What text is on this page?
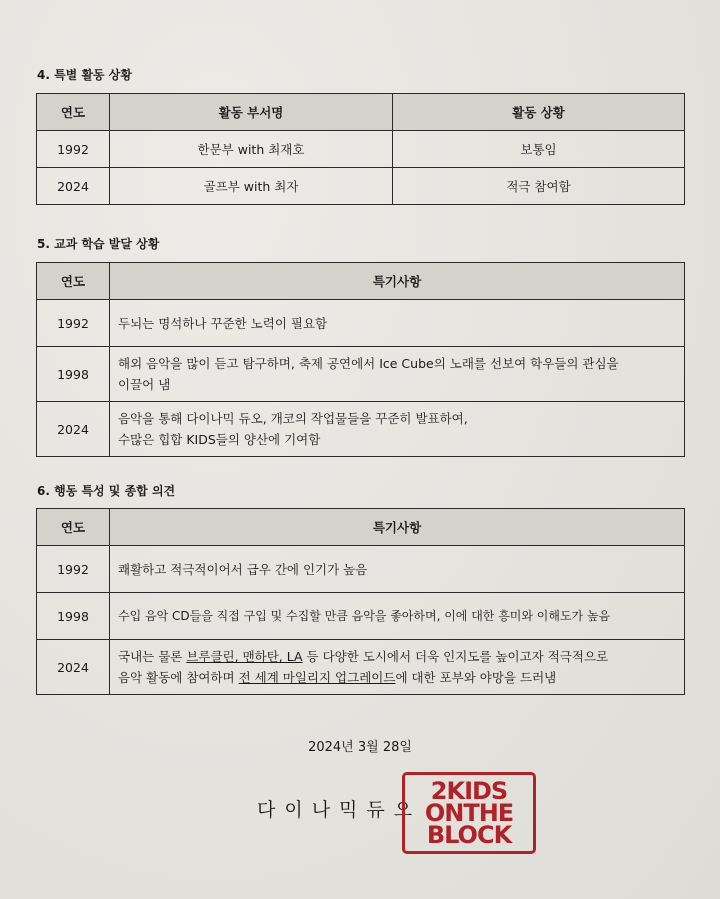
4. 특별 활동 상황
연도	활동 부서명	활동 상황
1992	한문부 with 최재호	보통임
2024	골프부 with 최자	적극 참여함
5. 교과 학습 발달 상황
연도	특기사항
1992	두뇌는 명석하나 꾸준한 노력이 필요함
1998	해외 음악을 많이 듣고 탐구하며, 축제 공연에서 Ice Cube의 노래를 선보여 학우들의 관심을
이끌어 냄
2024	음악을 통해 다이나믹 듀오, 개코의 작업물들을 꾸준히 발표하여,
수많은 힙합 KIDS들의 양산에 기여함
6. 행동 특성 및 종합 의견
연도	특기사항
1992	쾌활하고 적극적이어서 급우 간에 인기가 높음
1998	수입 음악 CD들을 직접 구입 및 수집할 만큼 음악을 좋아하며, 이에 대한 흥미와 이해도가 높음
2024	국내는 물론 브루클린, 맨하탄, LA 등 다양한 도시에서 더욱 인지도를 높이고자 적극적으로
음악 활동에 참여하며 전 세계 마일리지 업그레이드에 대한 포부와 야망을 드러냄
2024년 3월 28일
다이나믹듀오
2KIDS
ONTHE
BLOCK
